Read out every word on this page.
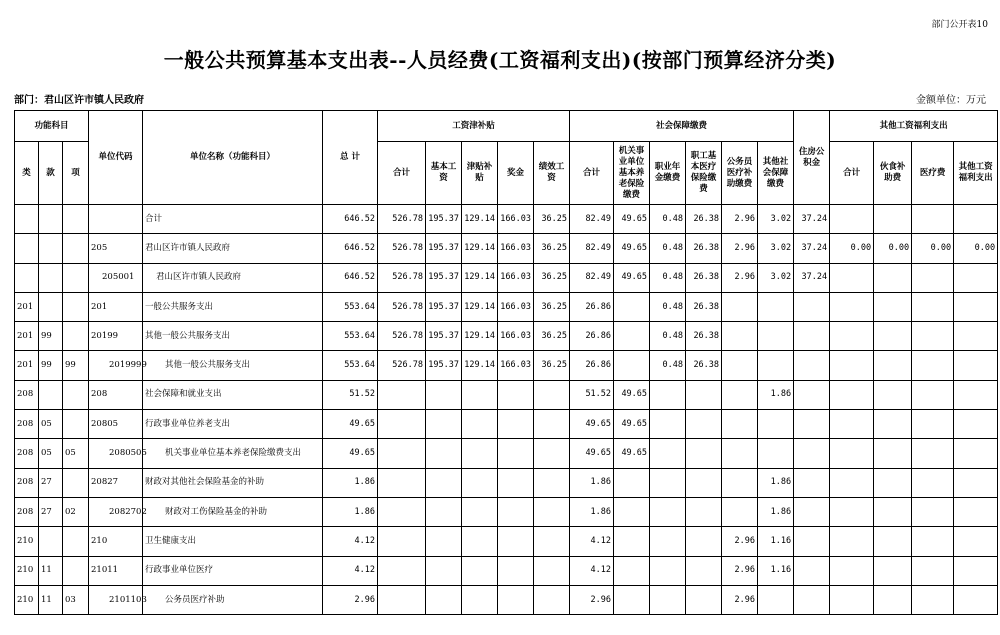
部门公开表10
一般公共预算基本支出表--人员经费(工资福利支出)(按部门预算经济分类)
部门：君山区许市镇人民政府	金额单位：万元
功能科目			单位代码	单位名称（功能科目）	总 计	工资津补贴					社会保障缴费						住房公积金	其他工资福利支出			
类	款	项				合计	基本工资	津贴补贴	奖金	绩效工资	合计	机关事业单位基本养老保险缴费	职业年金缴费	职工基本医疗保险缴费	公务员医疗补助缴费	其他社会保障缴费		合计	伙食补助费	医疗费	其他工资福利支出
				合计	646.52	526.78	195.37	129.14	166.03	36.25	82.49	49.65	0.48	26.38	2.96	3.02	37.24				
			205	君山区许市镇人民政府	646.52	526.78	195.37	129.14	166.03	36.25	82.49	49.65	0.48	26.38	2.96	3.02	37.24	0.00	0.00	0.00	0.00
			205001	君山区许市镇人民政府	646.52	526.78	195.37	129.14	166.03	36.25	82.49	49.65	0.48	26.38	2.96	3.02	37.24				
201			201	一般公共服务支出	553.64	526.78	195.37	129.14	166.03	36.25	26.86		0.48	26.38							
201	99		20199	其他一般公共服务支出	553.64	526.78	195.37	129.14	166.03	36.25	26.86		0.48	26.38							
201	99	99	2019999	其他一般公共服务支出	553.64	526.78	195.37	129.14	166.03	36.25	26.86		0.48	26.38							
208			208	社会保障和就业支出	51.52						51.52	49.65				1.86					
208	05		20805	行政事业单位养老支出	49.65						49.65	49.65									
208	05	05	2080505	机关事业单位基本养老保险缴费支出	49.65						49.65	49.65									
208	27		20827	财政对其他社会保险基金的补助	1.86						1.86					1.86					
208	27	02	2082702	财政对工伤保险基金的补助	1.86						1.86					1.86					
210			210	卫生健康支出	4.12						4.12				2.96	1.16					
210	11		21011	行政事业单位医疗	4.12						4.12				2.96	1.16					
210	11	03	2101103	公务员医疗补助	2.96						2.96				2.96						
